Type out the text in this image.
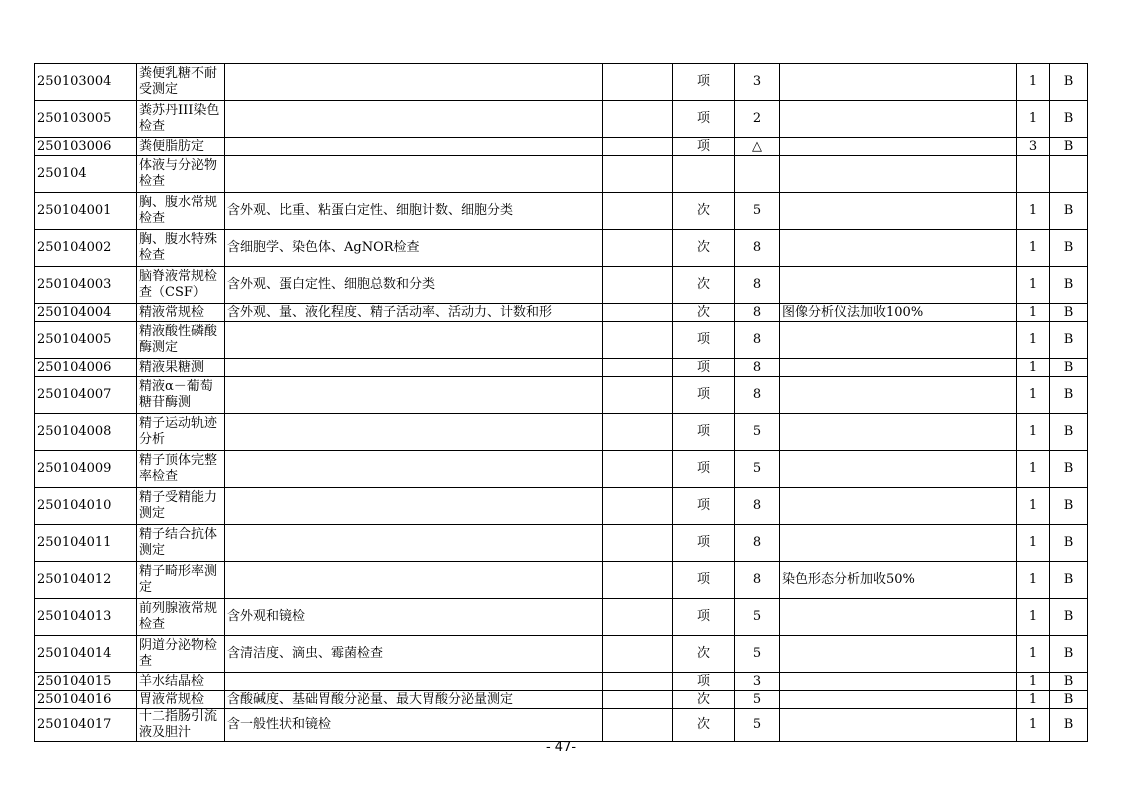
250103004	粪便乳糖不耐受测定			项	3		1	B
250103005	粪苏丹III染色检查			项	2		1	B
250103006	粪便脂肪定			项	△		3	B
250104	体液与分泌物检查							
250104001	胸、腹水常规检查	含外观、比重、粘蛋白定性、细胞计数、细胞分类		次	5		1	B
250104002	胸、腹水特殊检查	含细胞学、染色体、AgNOR检查		次	8		1	B
250104003	脑脊液常规检查（CSF）	含外观、蛋白定性、细胞总数和分类		次	8		1	B
250104004	精液常规检	含外观、量、液化程度、精子活动率、活动力、计数和形		次	8	图像分析仪法加收100%	1	B
250104005	精液酸性磷酸酶测定			项	8		1	B
250104006	精液果糖测			项	8		1	B
250104007	精液α－葡萄糖苷酶测			项	8		1	B
250104008	精子运动轨迹分析			项	5		1	B
250104009	精子顶体完整率检查			项	5		1	B
250104010	精子受精能力测定			项	8		1	B
250104011	精子结合抗体测定			项	8		1	B
250104012	精子畸形率测定			项	8	染色形态分析加收50%	1	B
250104013	前列腺液常规检查	含外观和镜检		项	5		1	B
250104014	阴道分泌物检查	含清洁度、滴虫、霉菌检查		次	5		1	B
250104015	羊水结晶检			项	3		1	B
250104016	胃液常规检	含酸碱度、基础胃酸分泌量、最大胃酸分泌量测定		次	5		1	B
250104017	十二指肠引流液及胆汁	含一般性状和镜检		次	5		1	B
- 47-
